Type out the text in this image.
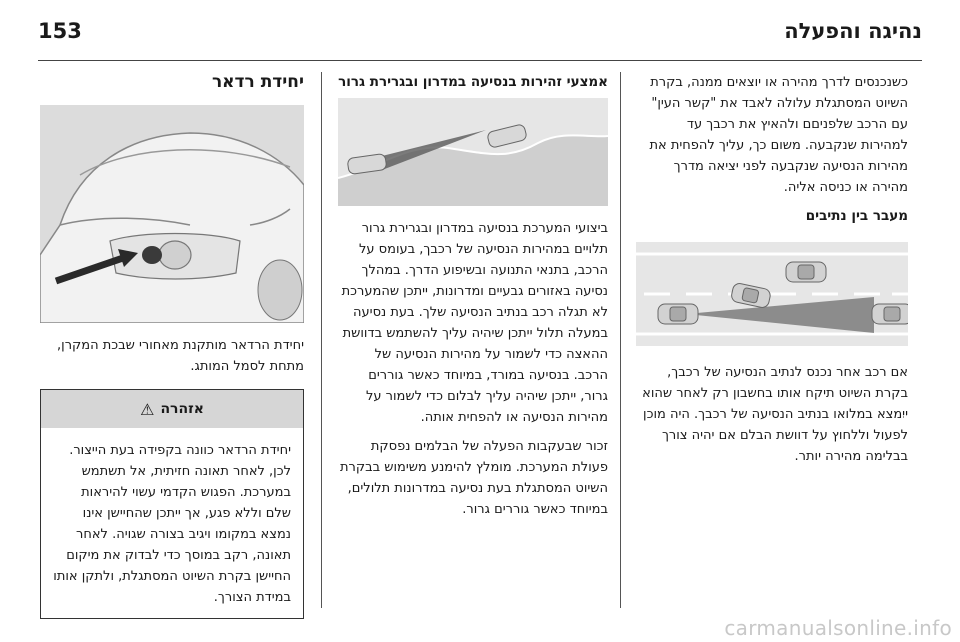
153	נהיגה והפעלה

כשנכנסים לדרך מהירה או יוצאים ממנה, בקרת השיוט המסתגלת עלולה לאבד את "קשר העין" עם הרכב שלפניםם ולהאיץ את רכבך עד למהירות שנקבעה. משום כך, עליך להפחית את מהירות הנסיעה שנקבעה לפני יציאה מדרך מהירה או כניסה אליה.

מעבר בין נתיבים

אם רכב אחר נכנס לנתיב הנסיעה של רכבך, בקרת השיוט תיקח אותו בחשבון רק לאחר שהוא ייִמצא במלואו בנתיב הנסיעה של רכבך. היה מוכן לפעול וללחוץ על דוושת הבלם אם יהיה צורך בבלימה מהירה יותר.

אמצעי זהירות בנסיעה במדרון ובגרירת גרור

ביצועי המערכת בנסיעה במדרון ובגרירת גרור תלויים במהירות הנסיעה של רכבך, בעומס על הרכב, בתנאי התנועה ובשיפוע הדרך. במהלך נסיעה באזורים גבעיים ומדרונות, ייתכן שהמערכת לא תגלה רכב בנתיב הנסיעה שלך. בעת נסיעה במעלה תלול ייתכן שיהיה עליך להשתמש בדוושת ההאצה כדי לשמור על מהירות הנסיעה של הרכב. בנסיעה במורד, במיוחד כאשר גוררים גרור, ייתכן שיהיה עליך לבלום כדי לשמור על מהירות הנסיעה או להפחית אותה.

זכור שבעקבות הפעלה של הבלמים נפסקת פעולת המערכת. מומלץ להימנע משימוש בבקרת השיוט המסתגלת בעת נסיעה במדרונות תלולים, במיוחד כאשר גוררים גרור.

יחידת רדאר

יחידת הרדאר מותקנת מאחורי שבכת המקרן, מתחת לסמל המותג.

אזהרה
⚠
יחידת הרדאר כוונה בקפידה בעת הייצור. לכן, לאחר תאונה חזיתית, אל תשתמש במערכת. הפגוש הקדמי עשוי להיראות שלם וללא פגע, אך ייתכן שהחיישן אינו נמצא במקומו ויגיב בצורה שגויה. לאחר תאונה, רקב במוסך כדי לבדוק את מיקום החיישן בקרת השיוט המסתגלת, ולתקן אותו במידת הצורך.
carmanualsonline.info
